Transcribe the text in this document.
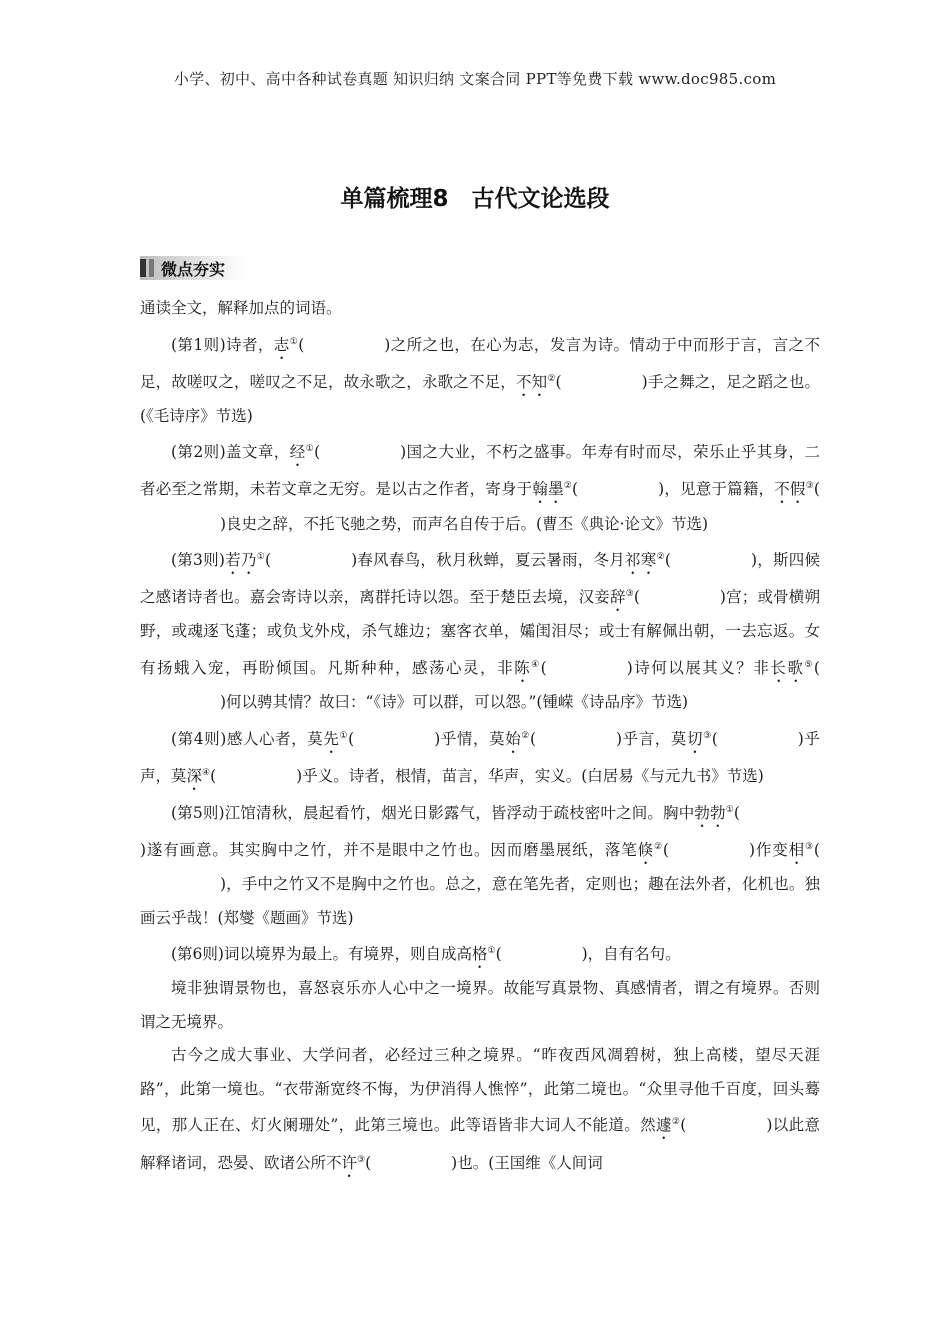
小学、初中、高中各种试卷真题 知识归纳 文案合同 PPT等免费下载 www.doc985.com
单篇梳理8　古代文论选段
微点夯实

通读全文，解释加点的词语。

(第1则)诗者，志①(	)之所之也，在心为志，发言为诗。情动于中而形于言，言之不足，故嗟叹之，嗟叹之不足，故永歌之，永歌之不足，不知②(	)手之舞之，足之蹈之也。(《毛诗序》节选)

(第2则)盖文章，经①(	)国之大业，不朽之盛事。年寿有时而尽，荣乐止乎其身，二者必至之常期，未若文章之无穷。是以古之作者，寄身于翰墨②(	)，见意于篇籍，不假③()良史之辞，不托飞驰之势，而声名自传于后。(曹丕《典论·论文》节选)

(第3则)若乃①(	)春风春鸟，秋月秋蝉，夏云暑雨，冬月祁寒②(	)，斯四候之感诸诗者也。嘉会寄诗以亲，离群托诗以怨。至于楚臣去境，汉妾辞③(	)宫；或骨横朔野，或魂逐飞蓬；或负戈外戍，杀气雄边；塞客衣单，孀闺泪尽；或士有解佩出朝，一去忘返。女有扬蛾入宠，再盼倾国。凡斯种种，感荡心灵，非陈④(	)诗何以展其义？非长歌⑤()何以骋其情？故曰：“《诗》可以群，可以怨。”(锺嵘《诗品序》节选)

(第4则)感人心者，莫先①(	)乎情，莫始②(	)乎言，莫切③(	)乎声，莫深④(	)乎义。诗者，根情，苗言，华声，实义。(白居易《与元九书》节选)

(第5则)江馆清秋，晨起看竹，烟光日影露气，皆浮动于疏枝密叶之间。胸中勃勃①()遂有画意。其实胸中之竹，并不是眼中之竹也。因而磨墨展纸，落笔倏②(	)作变相③()，手中之竹又不是胸中之竹也。总之，意在笔先者，定则也；趣在法外者，化机也。独画云乎哉！(郑燮《题画》节选)

(第6则)词以境界为最上。有境界，则自成高格①(	)，自有名句。

境非独谓景物也，喜怒哀乐亦人心中之一境界。故能写真景物、真感情者，谓之有境界。否则谓之无境界。

古今之成大事业、大学问者，必经过三种之境界。“昨夜西风凋碧树，独上高楼，望尽天涯路”，此第一境也。“衣带渐宽终不悔，为伊消得人憔悴”，此第二境也。“众里寻他千百度，回头蓦见，那人正在、灯火阑珊处”，此第三境也。此等语皆非大词人不能道。然遽②(	)以此意解释诸词，恐晏、欧诸公所不许③(	)也。(王国维《人间词
